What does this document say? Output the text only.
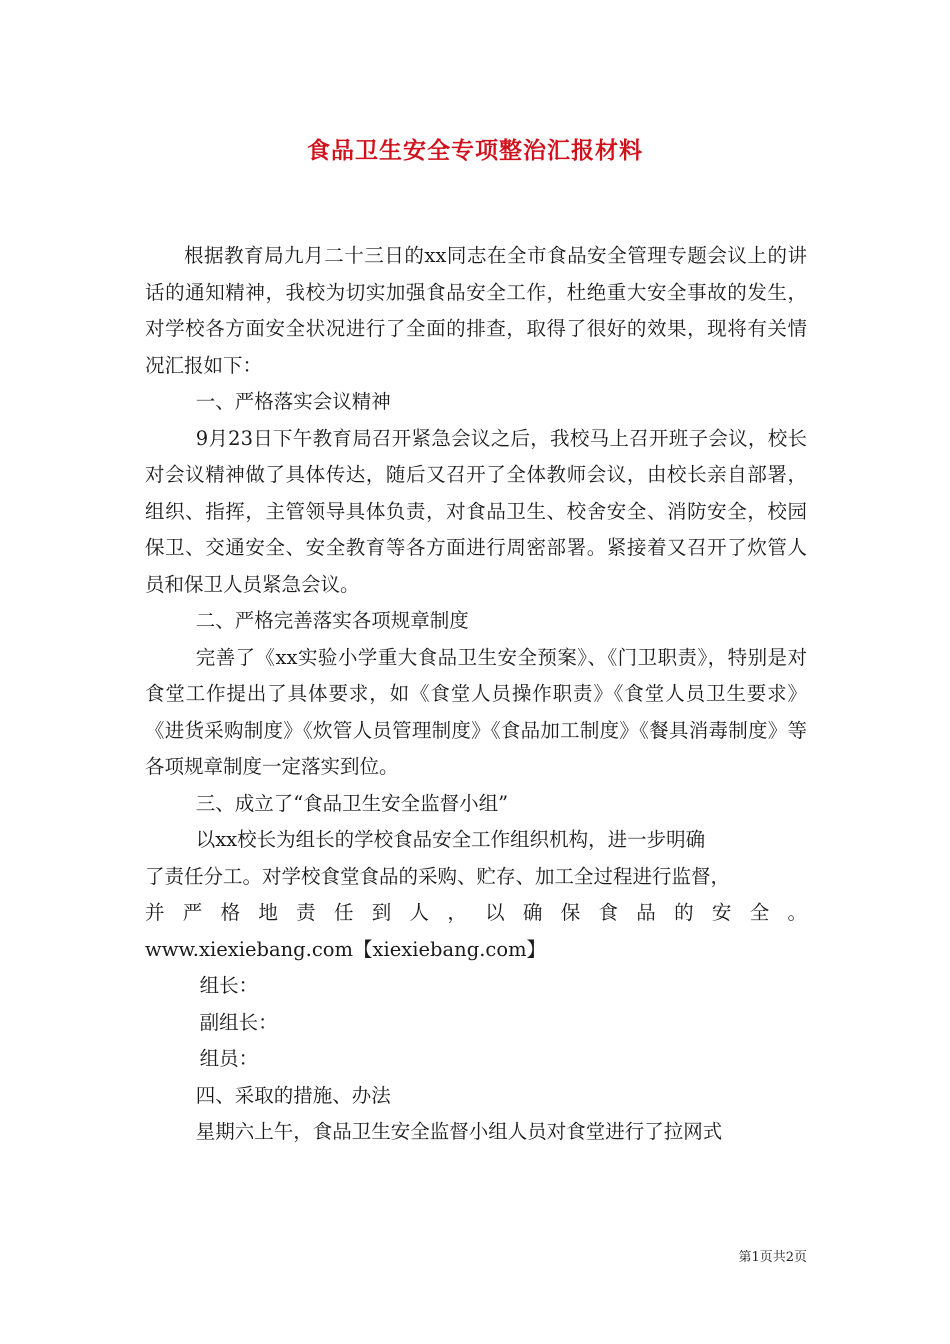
食品卫生安全专项整治汇报材料

根据教育局九月二十三日的xx同志在全市食品安全管理专题会议上的讲话的通知精神，我校为切实加强食品安全工作，杜绝重大安全事故的发生，对学校各方面安全状况进行了全面的排查，取得了很好的效果，现将有关情况汇报如下：

一、严格落实会议精神

9月23日下午教育局召开紧急会议之后，我校马上召开班子会议，校长对会议精神做了具体传达，随后又召开了全体教师会议，由校长亲自部署，组织、指挥，主管领导具体负责，对食品卫生、校舍安全、消防安全，校园保卫、交通安全、安全教育等各方面进行周密部署。紧接着又召开了炊管人员和保卫人员紧急会议。

二、严格完善落实各项规章制度

完善了《xx实验小学重大食品卫生安全预案》、《门卫职责》，特别是对食堂工作提出了具体要求，如《食堂人员操作职责》《食堂人员卫生要求》《进货采购制度》《炊管人员管理制度》《食品加工制度》《餐具消毒制度》等各项规章制度一定落实到位。

三、成立了“食品卫生安全监督小组”

以xx校长为组长的学校食品安全工作组织机构，进一步明确

了责任分工。对学校食堂食品的采购、贮存、加工全过程进行监督，

并严格地责任到人，以确保食品的安全。

www.xiexiebang.com【xiexiebang.com】

组长：

副组长：

组员：

四、采取的措施、办法

星期六上午，食品卫生安全监督小组人员对食堂进行了拉网式

第1页共2页
